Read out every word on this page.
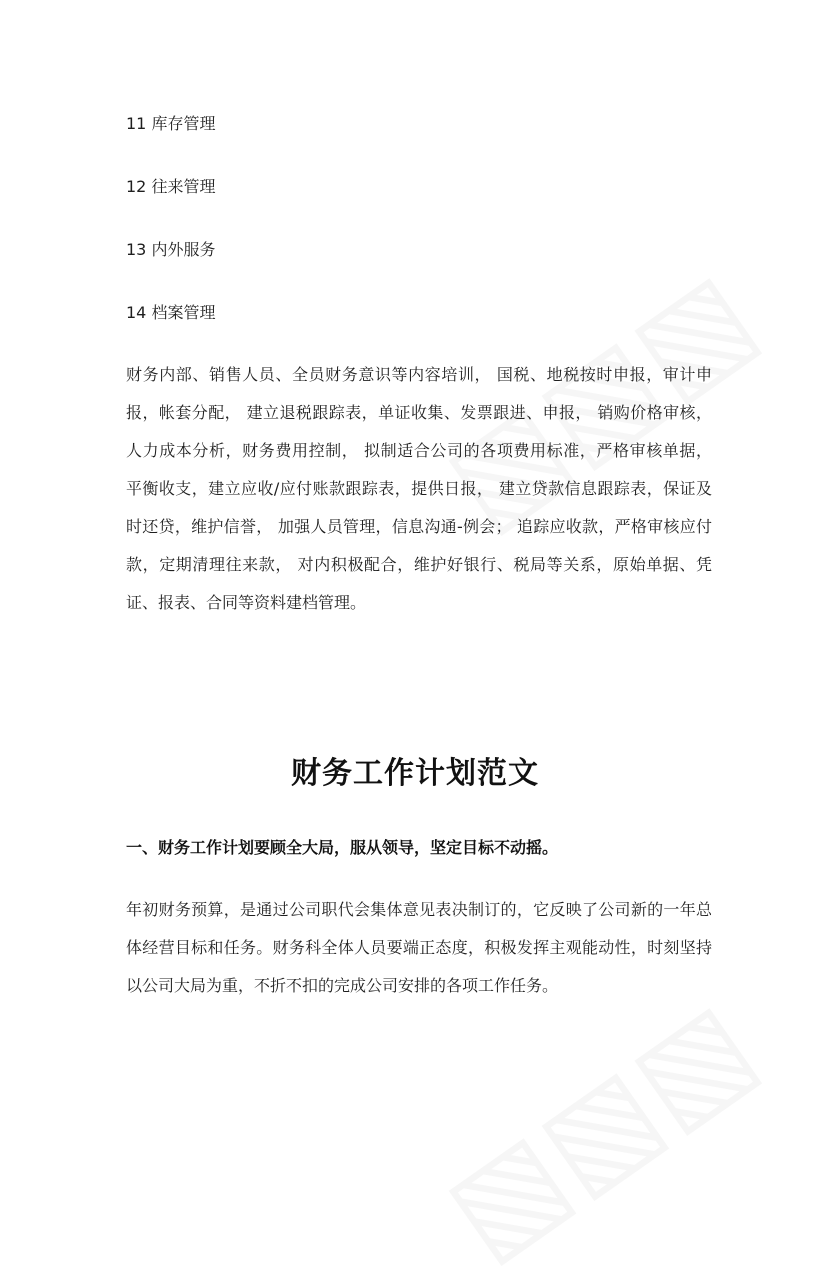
11 库存管理
12 往来管理
13 内外服务
14 档案管理
财务内部、销售人员、全员财务意识等内容培训， 国税、地税按时申报，审计申报，帐套分配， 建立退税跟踪表，单证收集、发票跟进、申报， 销购价格审核，人力成本分析，财务费用控制， 拟制适合公司的各项费用标准，严格审核单据， 平衡收支，建立应收/应付账款跟踪表，提供日报， 建立贷款信息跟踪表，保证及时还贷，维护信誉， 加强人员管理，信息沟通-例会； 追踪应收款，严格审核应付款，定期清理往来款， 对内积极配合，维护好银行、税局等关系，原始单据、凭证、报表、合同等资料建档管理。
财务工作计划范文
一、财务工作计划要顾全大局，服从领导，坚定目标不动摇。
年初财务预算，是通过公司职代会集体意见表决制订的，它反映了公司新的一年总体经营目标和任务。财务科全体人员要端正态度，积极发挥主观能动性，时刻坚持以公司大局为重，不折不扣的完成公司安排的各项工作任务。
